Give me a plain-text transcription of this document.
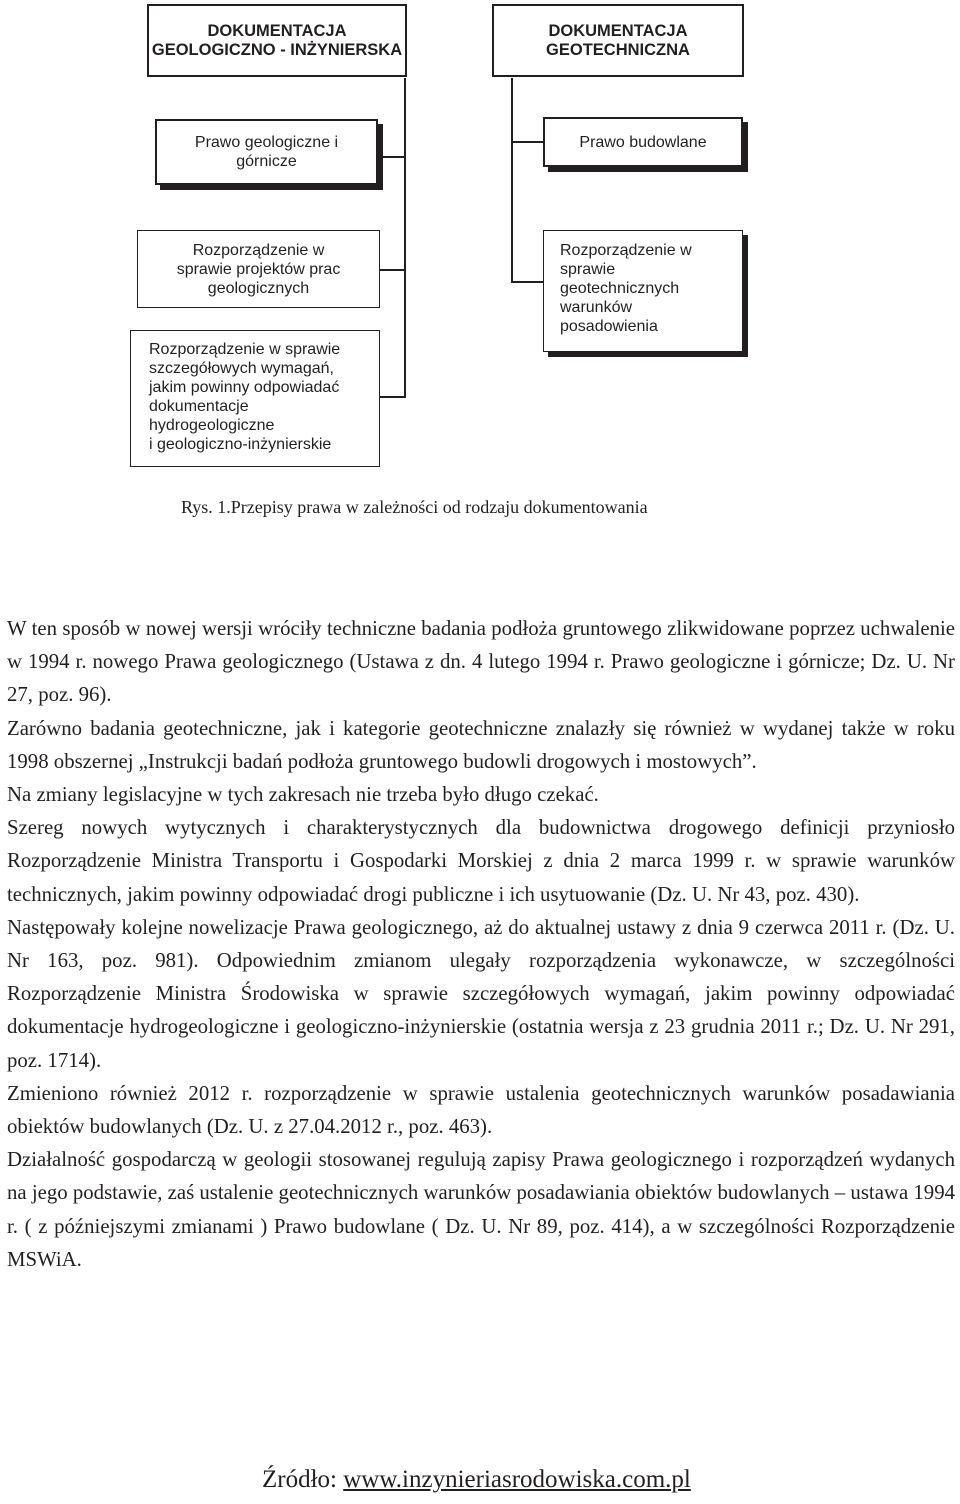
DOKUMENTACJA
GEOLOGICZNO - INŻYNIERSKA
DOKUMENTACJA
GEOTECHNICZNA
Prawo geologiczne i
górnicze
Prawo budowlane
Rozporządzenie w
sprawie projektów prac
geologicznych
Rozporządzenie w sprawie
szczegółowych wymagań,
jakim powinny odpowiadać
dokumentacje
hydrogeologiczne
i geologiczno-inżynierskie
Rozporządzenie w
sprawie
geotechnicznych
warunków
posadowienia
Rys. 1.Przepisy prawa w zależności od rodzaju dokumentowania

W ten sposób w nowej wersji wróciły techniczne badania podłoża gruntowego zlikwidowane poprzez uchwalenie w 1994 r. nowego Prawa geologicznego (Ustawa z dn. 4 lutego 1994 r. Prawo geologiczne i górnicze; Dz. U. Nr 27, poz. 96).

Zarówno badania geotechniczne, jak i kategorie geotechniczne znalazły się również w wydanej także w roku 1998 obszernej „Instrukcji badań podłoża gruntowego budowli drogowych i mostowych”.

Na zmiany legislacyjne w tych zakresach nie trzeba było długo czekać.

Szereg nowych wytycznych i charakterystycznych dla budownictwa drogowego definicji przyniosło Rozporządzenie Ministra Transportu i Gospodarki Morskiej z dnia 2 marca 1999 r. w sprawie warunków technicznych, jakim powinny odpowiadać drogi publiczne i ich usytuowanie (Dz. U. Nr 43, poz. 430).

Następowały kolejne nowelizacje Prawa geologicznego, aż do aktualnej ustawy z dnia 9 czerwca 2011 r. (Dz. U. Nr 163, poz. 981). Odpowiednim zmianom ulegały rozporządzenia wykonawcze, w szczególności Rozporządzenie Ministra Środowiska w sprawie szczegółowych wymagań, jakim powinny odpowiadać dokumentacje hydrogeologiczne i geologiczno-inżynierskie (ostatnia wersja z 23 grudnia 2011 r.; Dz. U. Nr 291, poz. 1714).

Zmieniono również 2012 r. rozporządzenie w sprawie ustalenia geotechnicznych warunków posadawiania obiektów budowlanych (Dz. U. z 27.04.2012 r., poz. 463).

Działalność gospodarczą w geologii stosowanej regulują zapisy Prawa geologicznego i rozporządzeń wydanych na jego podstawie, zaś ustalenie geotechnicznych warunków posadawiania obiektów budowlanych – ustawa 1994 r. ( z późniejszymi zmianami ) Prawo budowlane ( Dz. U. Nr 89, poz. 414), a w szczególności Rozporządzenie MSWiA.

Źródło: www.inzynieriasrodowiska.com.pl
